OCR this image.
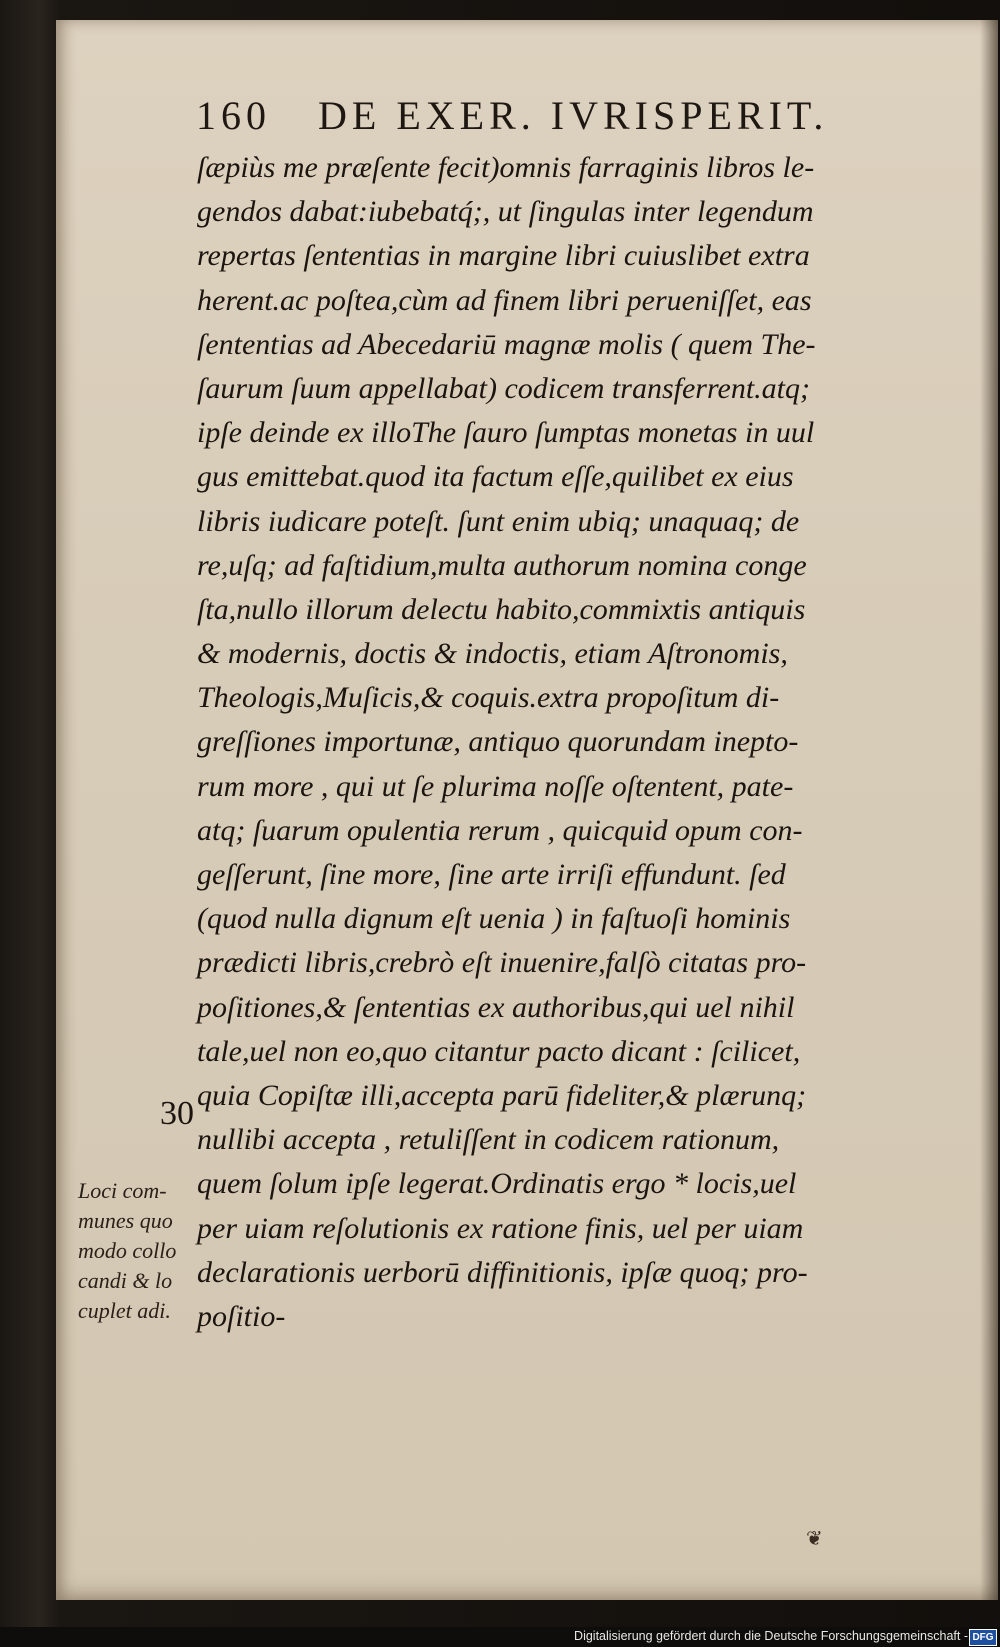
160 DE EXER. IVRISPERIT.
ſæpiùs me præſente fecit)omnis farraginis libros le-
gendos dabat:iubebatq́;, ut ſingulas inter legendum
repertas ſententias in margine libri cuiuslibet extra
herent.ac poſtea,cùm ad finem libri perueniſſet, eas
ſententias ad Abecedariū magnæ molis ( quem The-
ſaurum ſuum appellabat) codicem transferrent.atq;
ipſe deinde ex illoThe ſauro ſumptas monetas in uul
gus emittebat.quod ita factum eſſe,quilibet ex eius
libris iudicare poteſt. ſunt enim ubiq; unaquaq; de
re,uſq; ad faſtidium,multa authorum nomina conge
ſta,nullo illorum delectu habito,commixtis antiquis
& modernis, doctis & indoctis, etiam Aſtronomis,
Theologis,Muſicis,& coquis.extra propoſitum di-
greſſiones importunæ, antiquo quorundam inepto-
rum more , qui ut ſe plurima noſſe oſtentent, pate-
atq; ſuarum opulentia rerum , quicquid opum con-
geſſerunt, ſine more, ſine arte irriſi effundunt. ſed
(quod nulla dignum eſt uenia ) in faſtuoſi hominis
prædicti libris,crebrò eſt inuenire,falſò citatas pro-
poſitiones,& ſententias ex authoribus,qui uel nihil
tale,uel non eo,quo citantur pacto dicant : ſcilicet,
quia Copiſtæ illi,accepta parū fideliter,& plærunq;
nullibi accepta , retuliſſent in codicem rationum,
quem ſolum ipſe legerat.Ordinatis ergo * locis,uel
per uiam reſolutionis ex ratione finis, uel per uiam
declarationis uerborū diffinitionis, ipſæ quoq; pro-
poſitio-
30
Loci com-
munes quo
modo collo
candi & lo
cuplet adi.
❦
Digitalisierung gefördert durch die Deutsche Forschungsgemeinschaft - DFG
